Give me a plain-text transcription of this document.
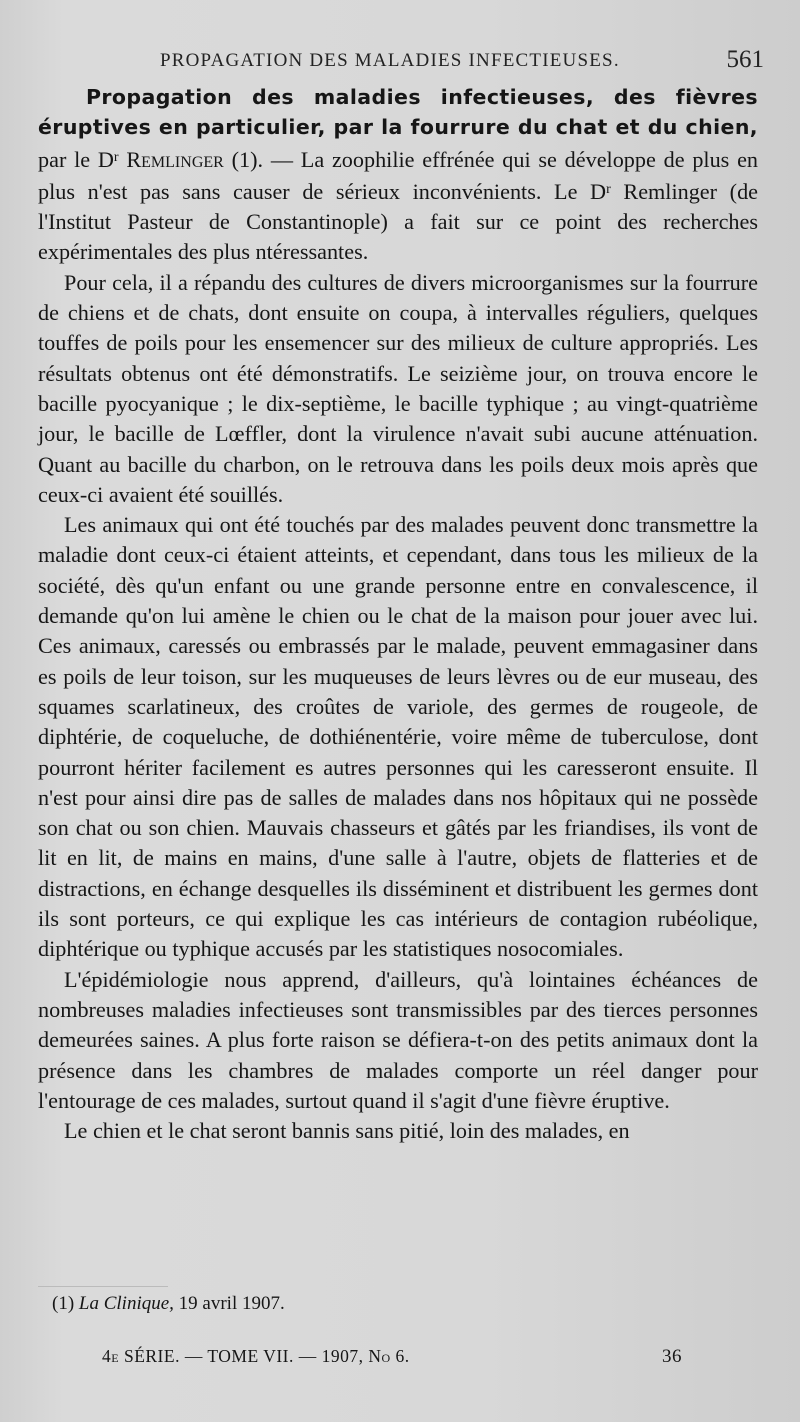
PROPAGATION DES MALADIES INFECTIEUSES.	561

Propagation des maladies infectieuses, des fièvres éruptives en particulier, par la fourrure du chat et du chien, par le $D^r$ Remlinger (1). — La zoophilie effrénée qui se développe de plus en plus n'est pas sans causer de sérieux inconvénients. Le $D^r$ Remlinger (de l'Institut Pasteur de Constantinople) a fait sur ce point des recherches expérimentales des plus ntéressantes.

Pour cela, il a répandu des cultures de divers microorganismes sur la fourrure de chiens et de chats, dont ensuite on coupa, à intervalles réguliers, quelques touffes de poils pour les ensemencer sur des milieux de culture appropriés. Les résultats obtenus ont été démonstratifs. Le seizième jour, on trouva encore le bacille pyocyanique ; le dix-septième, le bacille typhique ; au vingt-quatrième jour, le bacille de Lœffler, dont la virulence n'avait subi aucune atténuation. Quant au bacille du charbon, on le retrouva dans les poils deux mois après que ceux-ci avaient été souillés.

Les animaux qui ont été touchés par des malades peuvent donc transmettre la maladie dont ceux-ci étaient atteints, et cependant, dans tous les milieux de la société, dès qu'un enfant ou une grande personne entre en convalescence, il demande qu'on lui amène le chien ou le chat de la maison pour jouer avec lui. Ces animaux, caressés ou embrassés par le malade, peuvent emmagasiner dans es poils de leur toison, sur les muqueuses de leurs lèvres ou de eur museau, des squames scarlatineux, des croûtes de variole, des germes de rougeole, de diphtérie, de coqueluche, de dothiénentérie, voire même de tuberculose, dont pourront hériter facilement es autres personnes qui les caresseront ensuite. Il n'est pour ainsi dire pas de salles de malades dans nos hôpitaux qui ne possède son chat ou son chien. Mauvais chasseurs et gâtés par les friandises, ils vont de lit en lit, de mains en mains, d'une salle à l'autre, objets de flatteries et de distractions, en échange desquelles ils disséminent et distribuent les germes dont ils sont porteurs, ce qui explique les cas intérieurs de contagion rubéolique, diphtérique ou typhique accusés par les statistiques nosocomiales.

L'épidémiologie nous apprend, d'ailleurs, qu'à lointaines échéances de nombreuses maladies infectieuses sont transmissibles par des tierces personnes demeurées saines. A plus forte raison se défiera-t-on des petits animaux dont la présence dans les chambres de malades comporte un réel danger pour l'entourage de ces malades, surtout quand il s'agit d'une fièvre éruptive.

Le chien et le chat seront bannis sans pitié, loin des malades, en

(1) La Clinique, 19 avril 1907.
4e SÉRIE. — TOME VII. — 1907, No 6.	36
